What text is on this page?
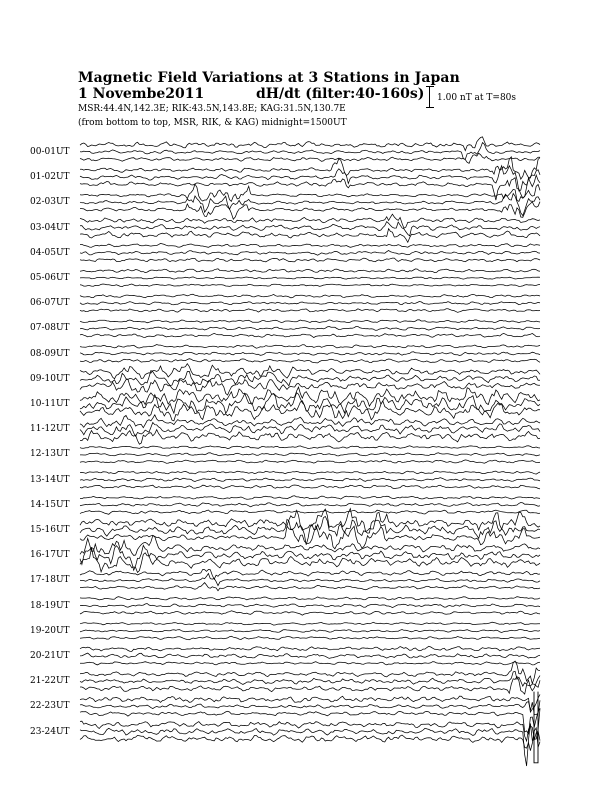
Magnetic Field Variations at 3 Stations in Japan
1 Novembe2011	dH/dt (filter:40-160s)
MSR:44.4N,142.3E; RIK:43.5N,143.8E; KAG:31.5N,130.7E
(from bottom to top, MSR, RIK, & KAG) midnight=1500UT
1.00 nT at T=80s
00-01UT
01-02UT
02-03UT
03-04UT
04-05UT
05-06UT
06-07UT
07-08UT
08-09UT
09-10UT
10-11UT
11-12UT
12-13UT
13-14UT
14-15UT
15-16UT
16-17UT
17-18UT
18-19UT
19-20UT
20-21UT
21-22UT
22-23UT
23-24UT
